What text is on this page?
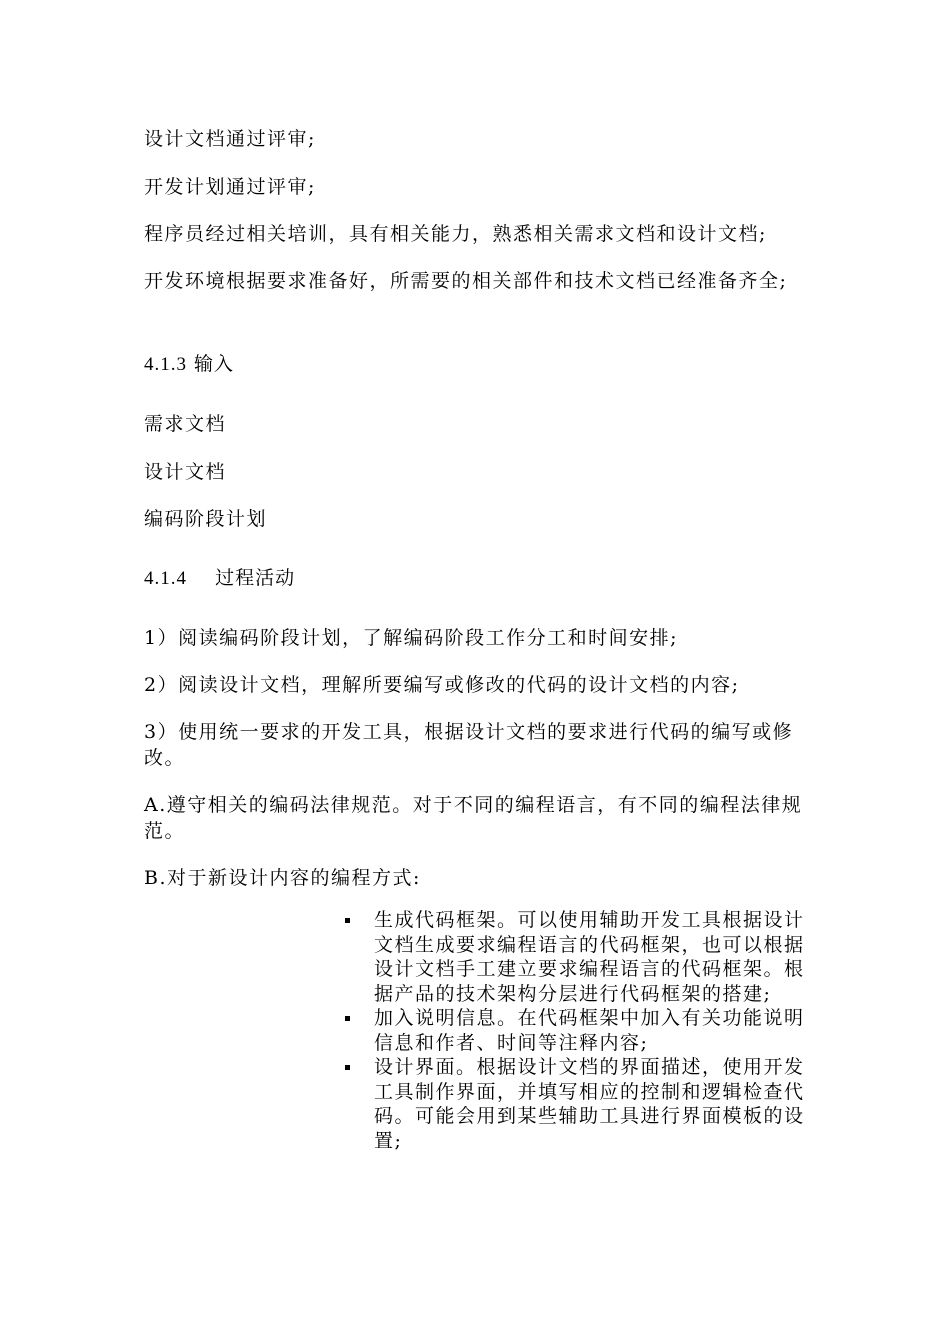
设计文档通过评审;

开发计划通过评审;

程序员经过相关培训，具有相关能力，熟悉相关需求文档和设计文档;

开发环境根据要求准备好，所需要的相关部件和技术文档已经准备齐全;

4.1.3 输入

需求文档

设计文档

编码阶段计划

4.1.4 过程活动

1）阅读编码阶段计划，了解编码阶段工作分工和时间安排;

2）阅读设计文档，理解所要编写或修改的代码的设计文档的内容;

3）使用统一要求的开发工具，根据设计文档的要求进行代码的编写或修改。

A.遵守相关的编码法律规范。对于不同的编程语言，有不同的编程法律规范。

B.对于新设计内容的编程方式:

生成代码框架。可以使用辅助开发工具根据设计文档生成要求编程语言的代码框架，也可以根据设计文档手工建立要求编程语言的代码框架。根据产品的技术架构分层进行代码框架的搭建;
加入说明信息。在代码框架中加入有关功能说明信息和作者、时间等注释内容;
设计界面。根据设计文档的界面描述，使用开发工具制作界面，并填写相应的控制和逻辑检查代码。可能会用到某些辅助工具进行界面模板的设置;
